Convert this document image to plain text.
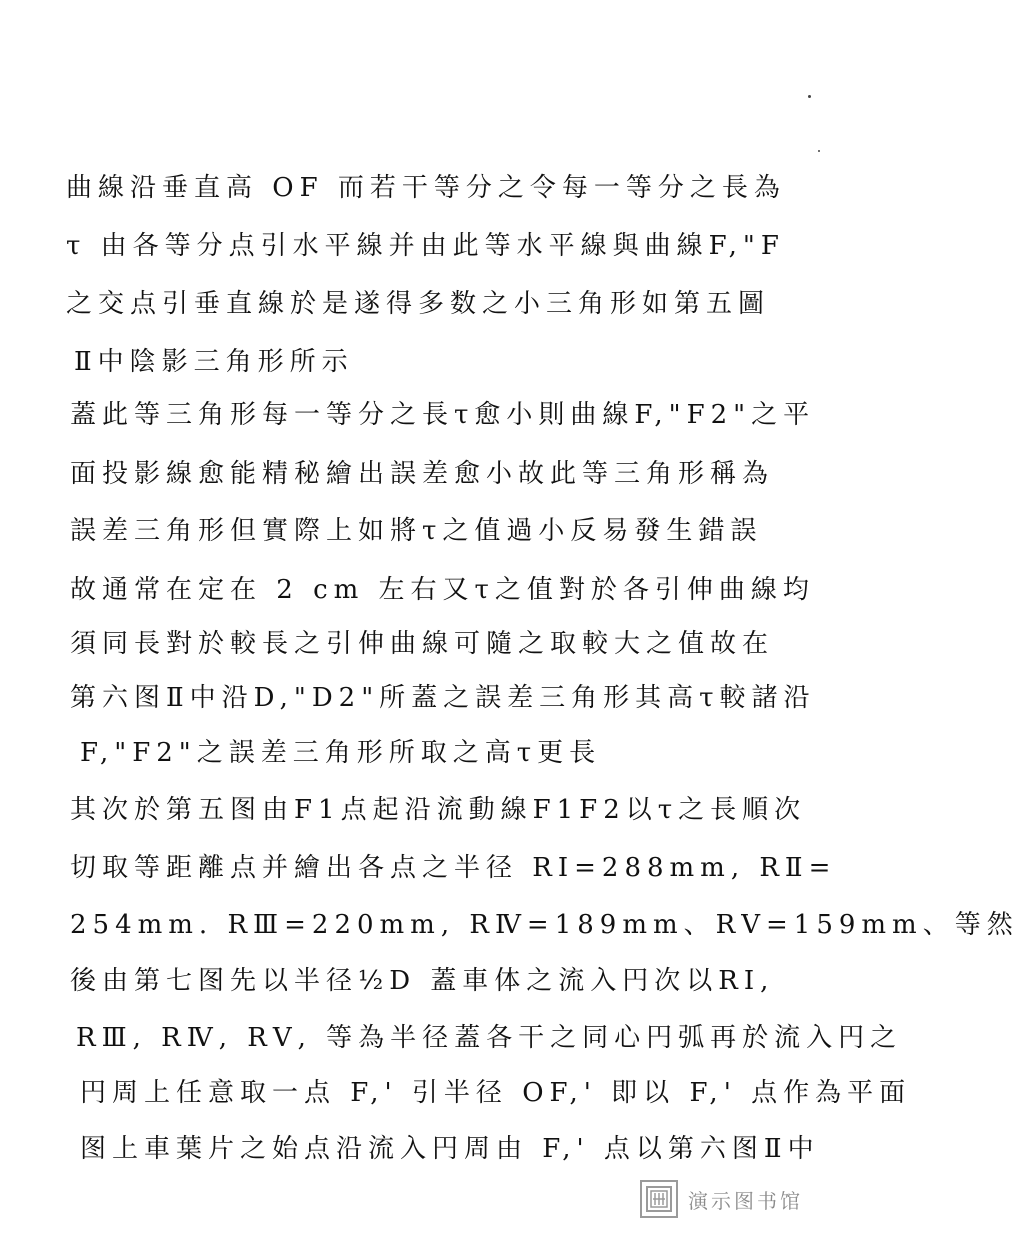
曲線沿垂直高 OF 而若干等分之令每一等分之長為
τ 由各等分点引水平線并由此等水平線與曲線F,"F
之交点引垂直線於是遂得多数之小三角形如第五圖
Ⅱ中陰影三角形所示
蓋此等三角形每一等分之長τ愈小則曲線F,"F2"之平
面投影線愈能精秘繪出誤差愈小故此等三角形稱為
誤差三角形但實際上如將τ之值過小反易發生錯誤
故通常在定在 2 cm 左右又τ之值對於各引伸曲線均
須同長對於較長之引伸曲線可隨之取較大之值故在
第六图Ⅱ中沿D,"D2"所蓋之誤差三角形其高τ較諸沿
F,"F2"之誤差三角形所取之高τ更長
其次於第五图由F1点起沿流動線F1F2以τ之長順次
切取等距離点并繪出各点之半径 RⅠ=288mm, RⅡ=
254mm. RⅢ=220mm, RⅣ=189mm、RⅤ=159mm、等然
後由第七图先以半径½D 蓋車体之流入円次以RⅠ,
RⅢ, RⅣ, RⅤ, 等為半径蓋各干之同心円弧再於流入円之
円周上任意取一点 F,' 引半径 OF,' 即以 F,' 点作為平面
图上車葉片之始点沿流入円周由 F,' 点以第六图Ⅱ中
演示图书馆
